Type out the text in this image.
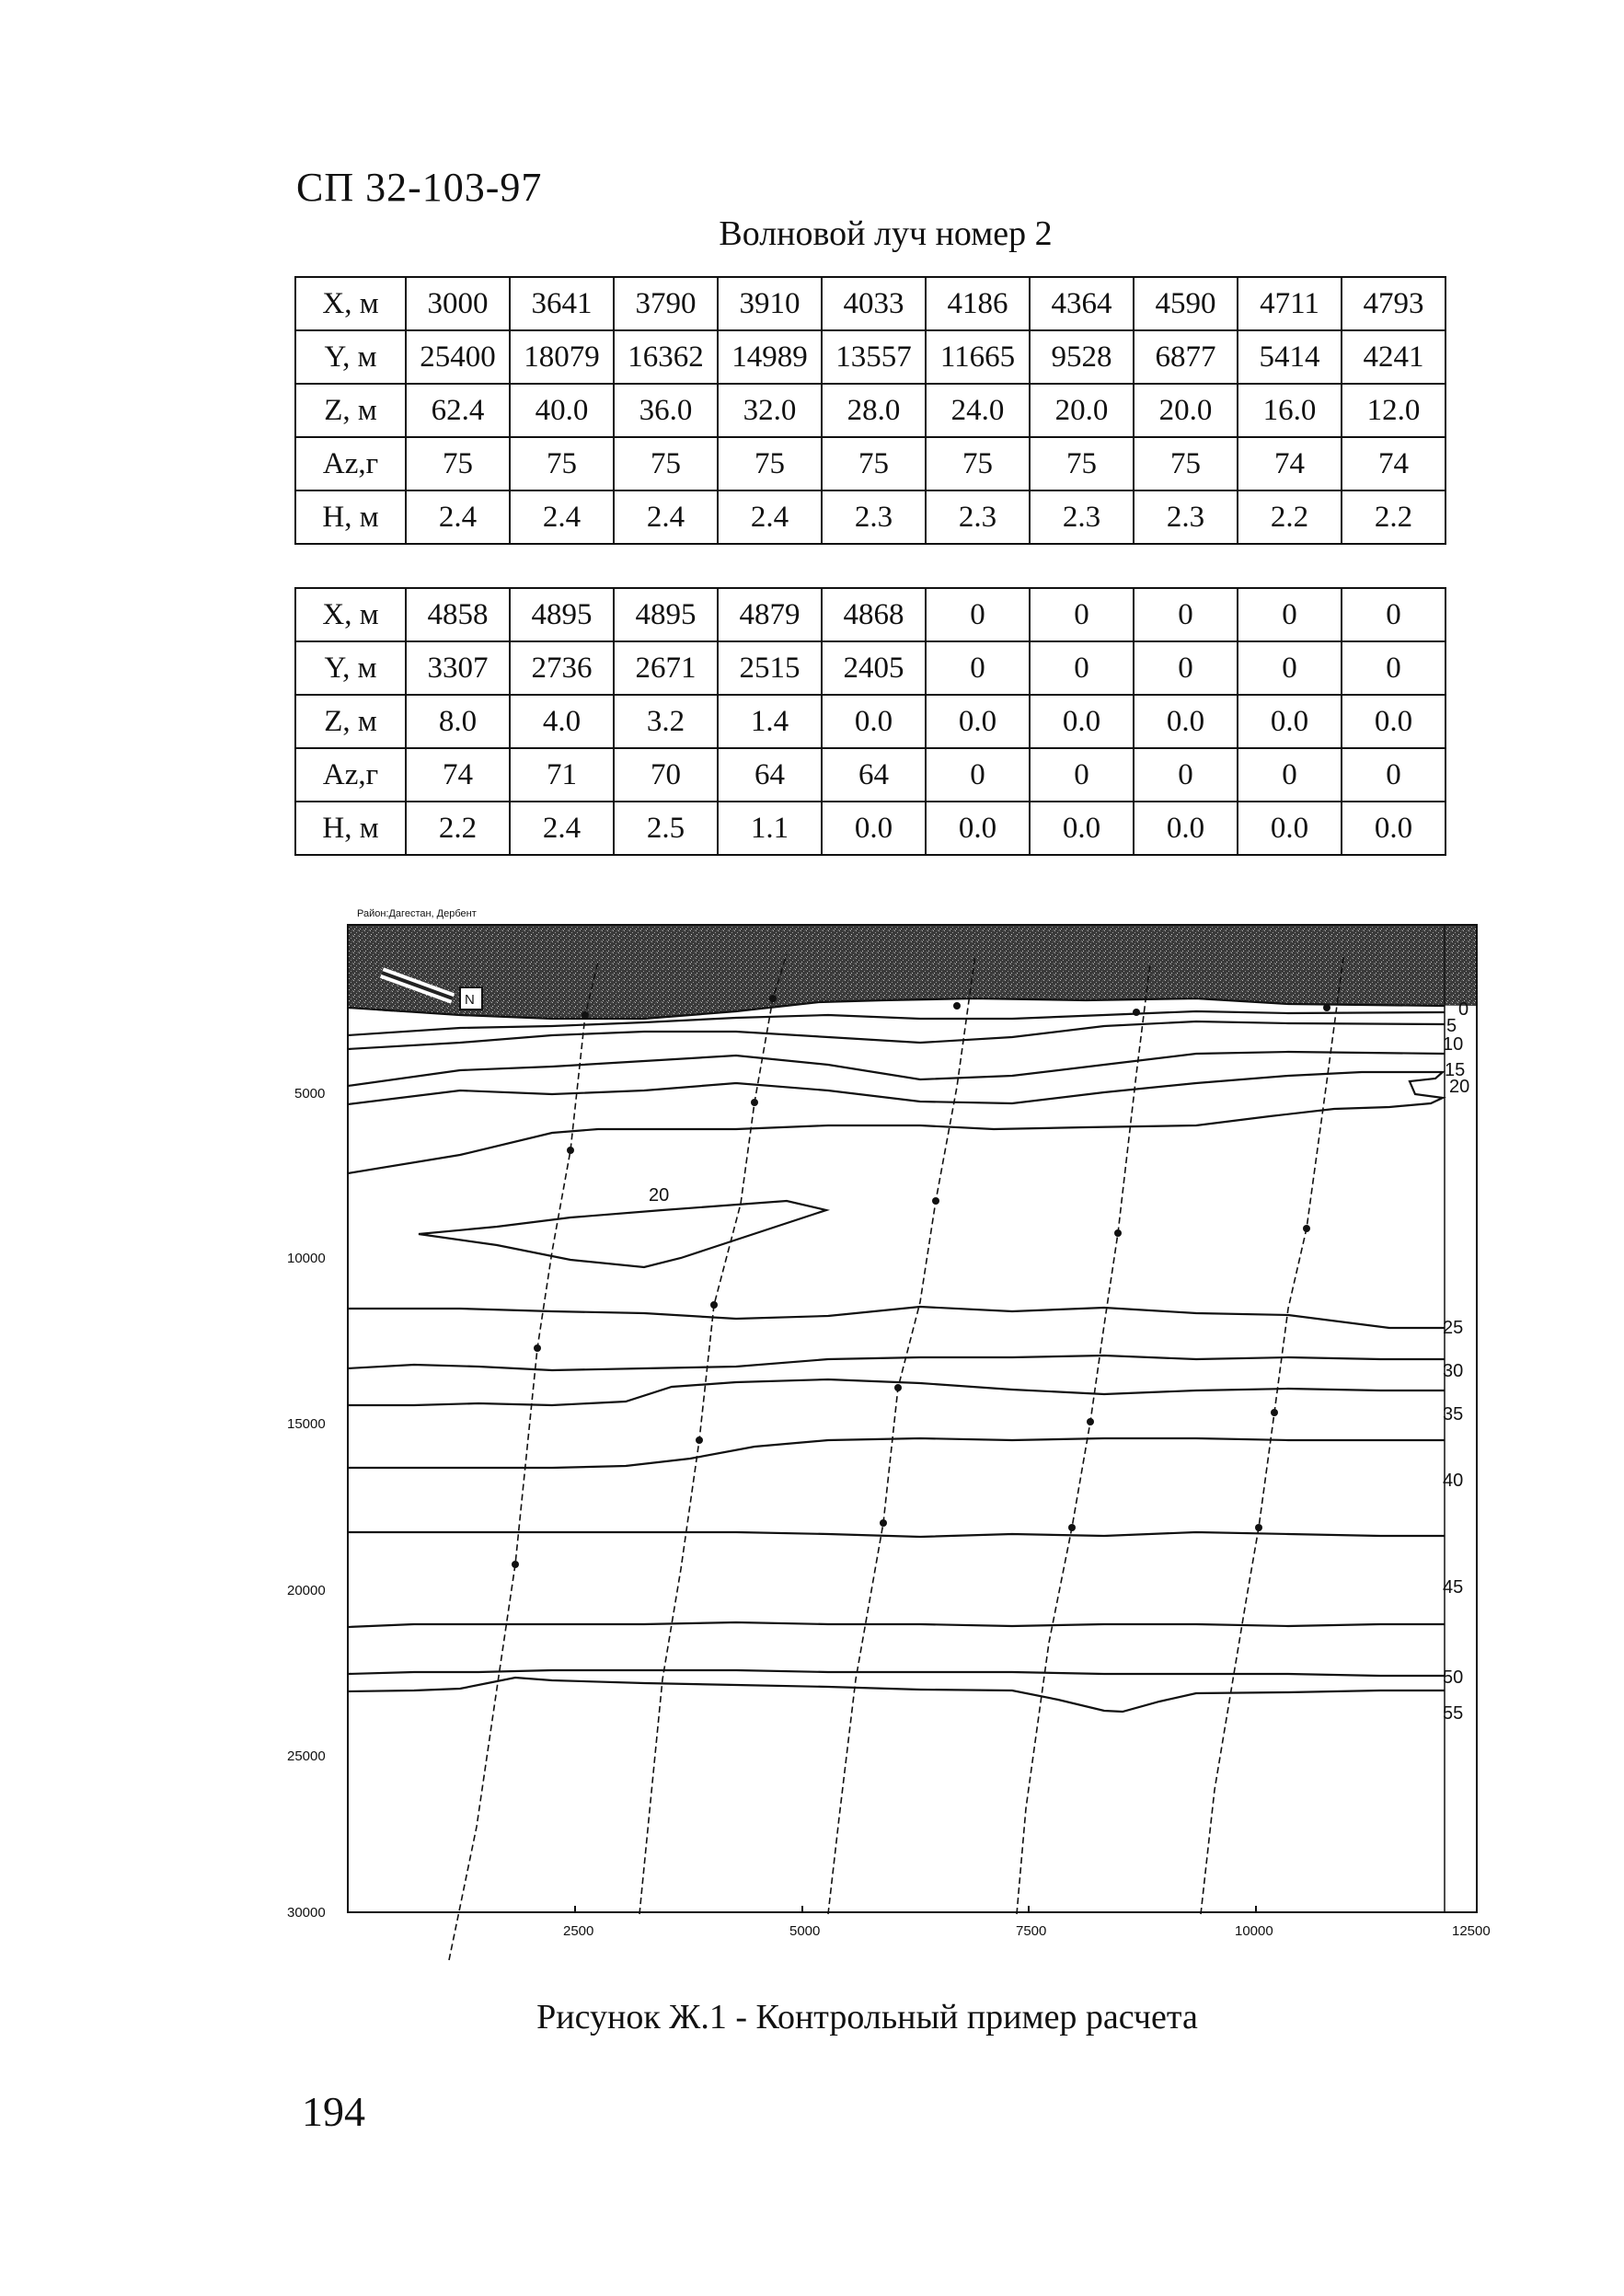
СП 32-103-97
Волновой луч номер 2
X, м	3000	3641	3790	3910	4033	4186	4364	4590	4711	4793
Y, м	25400	18079	16362	14989	13557	11665	9528	6877	5414	4241
Z, м	62.4	40.0	36.0	32.0	28.0	24.0	20.0	20.0	16.0	12.0
Az,г	75	75	75	75	75	75	75	75	74	74
H, м	2.4	2.4	2.4	2.4	2.3	2.3	2.3	2.3	2.2	2.2
X, м	4858	4895	4895	4879	4868	0	0	0	0	0
Y, м	3307	2736	2671	2515	2405	0	0	0	0	0
Z, м	8.0	4.0	3.2	1.4	0.0	0.0	0.0	0.0	0.0	0.0
Az,г	74	71	70	64	64	0	0	0	0	0
H, м	2.2	2.4	2.5	1.1	0.0	0.0	0.0	0.0	0.0	0.0
Район:Дагестан, Дербент
N	0
5
10
15
20
20
25
30
35
40
45
50
55
5000
10000
15000
20000
25000
30000
2500	5000	7500	10000	12500
Рисунок Ж.1 - Контрольный пример расчета
194
